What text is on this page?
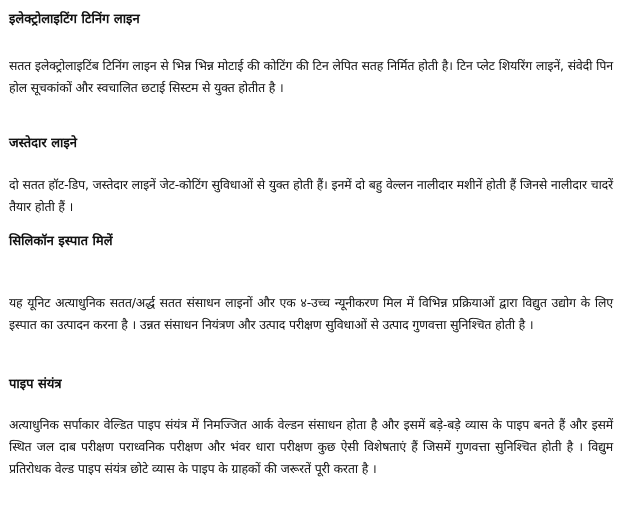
इलेक्ट्रोलाइटिंग टिनिंग लाइन
सतत इलेक्ट्रोलाइटिंब टिनिंग लाइन से भिन्न भिन्न मोटाई की कोटिंग की टिन लेपित सतह निर्मित होती है। टिन प्लेट शियरिंग लाइनें, संवेदी पिन होल सूचकांकों और स्वचालित छटाई सिस्टम से युक्त होतीत है ।
जस्तेदार लाइने
दो सतत हॉट-डिप, जस्तेदार लाइनें जेट-कोटिंग सुविधाओं से युक्त होती हैं। इनमें दो बहु वेल्लन नालीदार मशीनें होती हैं जिनसे नालीदार चादरें तैयार होती हैं ।
सिलिकॉन इस्पात मिलें
यह यूनिट अत्याधुनिक सतत/अर्द्ध सतत संसाधन लाइनों और एक ४-उच्च न्यूनीकरण मिल में विभिन्न प्रक्रियाओं द्वारा विद्युत उद्योग के लिए इस्पात का उत्पादन करना है । उन्नत संसाधन नियंत्रण और उत्पाद परीक्षण सुविधाओं से उत्पाद गुणवत्ता सुनिश्चित होती है ।
पाइप संयंत्र
अत्याधुनिक सर्पाकार वेल्डित पाइप संयंत्र में निमज्जित आर्क वेल्डन संसाधन होता है और इसमें बड़े-बड़े व्यास के पाइप बनते हैं और इसमें स्थित जल दाब परीक्षण पराध्वनिक परीक्षण और भंवर धारा परीक्षण कुछ ऐसी विशेषताएं हैं जिसमें गुणवत्ता सुनिश्चित होती है । विद्युम प्रतिरोधक वेल्ड पाइप संयंत्र छोटे व्यास के पाइप के ग्राहकों की जरूरतें पूरी करता है ।
